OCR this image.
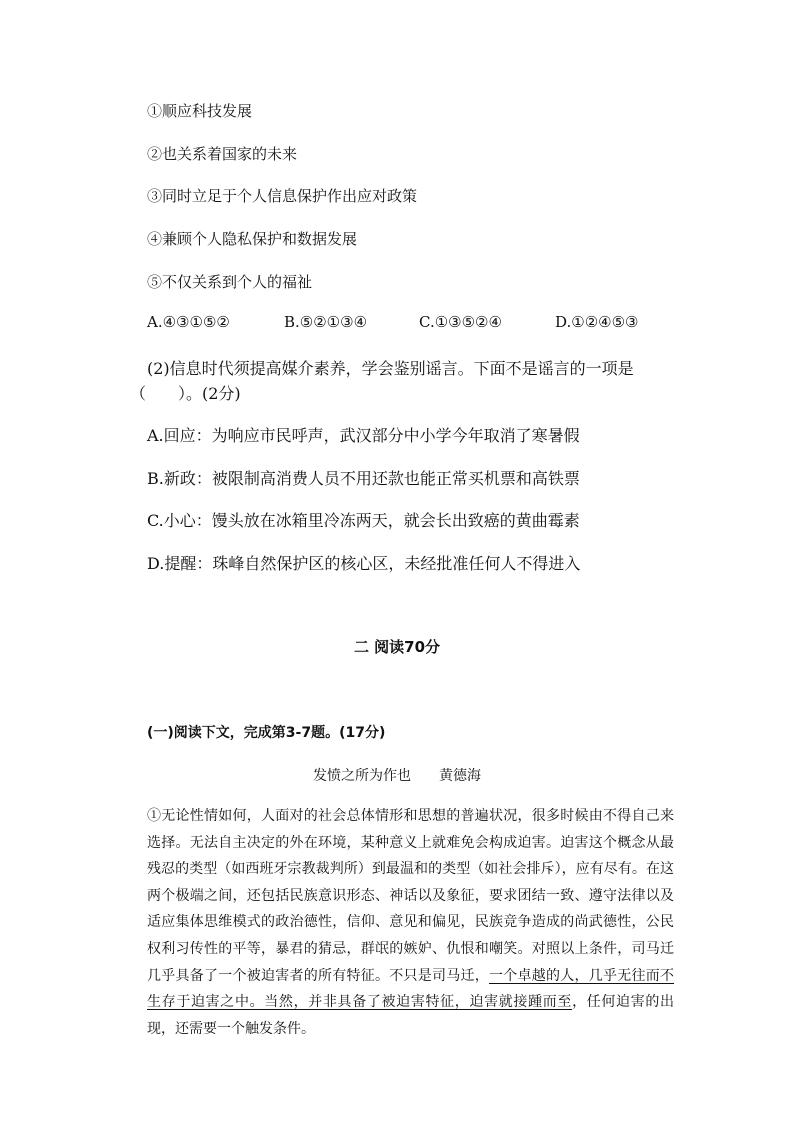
①顺应科技发展
②也关系着国家的未来
③同时立足于个人信息保护作出应对政策
④兼顾个人隐私保护和数据发展
⑤不仅关系到个人的福祉
A.④③①⑤②	B.⑤②①③④	C.①③⑤②④	D.①②④⑤③
(2)信息时代须提高媒介素养，学会鉴别谣言。下面不是谣言的一项是
（　　）。(2分)
A.回应：为响应市民呼声，武汉部分中小学今年取消了寒暑假
B.新政：被限制高消费人员不用还款也能正常买机票和高铁票
C.小心：馒头放在冰箱里冷冻两天，就会长出致癌的黄曲霉素
D.提醒：珠峰自然保护区的核心区，未经批准任何人不得进入
二 阅读70分
(一)阅读下文，完成第3-7题。(17分)
发愤之所为作也 黄德海
①无论性情如何，人面对的社会总体情形和思想的普遍状况，很多时候由不得自己来选择。无法自主决定的外在环境，某种意义上就难免会构成迫害。迫害这个概念从最残忍的类型（如西班牙宗教裁判所）到最温和的类型（如社会排斥），应有尽有。在这两个极端之间，还包括民族意识形态、神话以及象征，要求团结一致、遵守法律以及适应集体思维模式的政治德性，信仰、意见和偏见，民族竞争造成的尚武德性，公民权利习传性的平等，暴君的猜忌，群氓的嫉妒、仇恨和嘲笑。对照以上条件，司马迁几乎具备了一个被迫害者的所有特征。不只是司马迁，一个卓越的人，几乎无往而不生存于迫害之中。当然，并非具备了被迫害特征，迫害就接踵而至，任何迫害的出现，还需要一个触发条件。
